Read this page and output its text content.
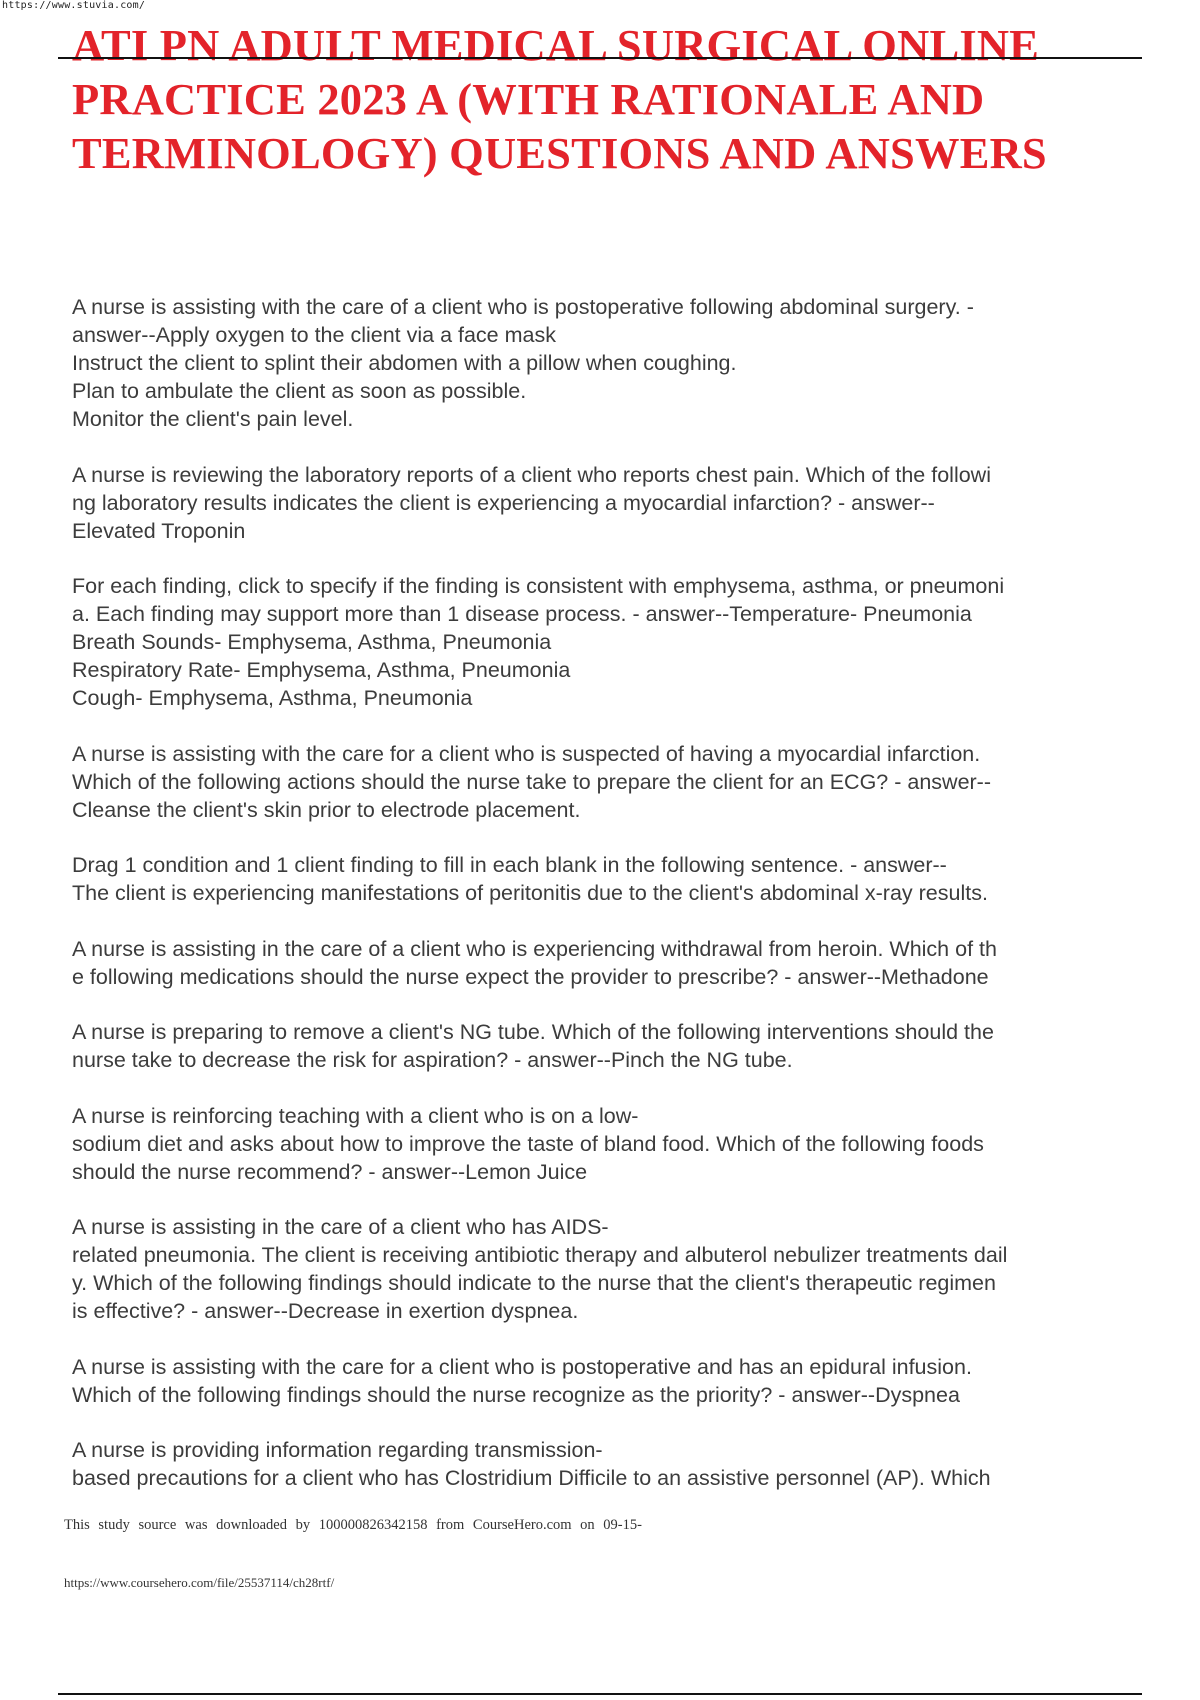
https://www.stuvia.com/
ATI PN ADULT MEDICAL SURGICAL ONLINE
PRACTICE 2023 A (WITH RATIONALE AND
TERMINOLOGY) QUESTIONS AND ANSWERS

A nurse is assisting with the care of a client who is postoperative following abdominal surgery. -
answer--Apply oxygen to the client via a face mask
Instruct the client to splint their abdomen with a pillow when coughing.
Plan to ambulate the client as soon as possible.
Monitor the client's pain level.

A nurse is reviewing the laboratory reports of a client who reports chest pain. Which of the followi
ng laboratory results indicates the client is experiencing a myocardial infarction? - answer--
Elevated Troponin

For each finding, click to specify if the finding is consistent with emphysema, asthma, or pneumoni
a. Each finding may support more than 1 disease process. - answer--Temperature- Pneumonia
Breath Sounds- Emphysema, Asthma, Pneumonia
Respiratory Rate- Emphysema, Asthma, Pneumonia
Cough- Emphysema, Asthma, Pneumonia

A nurse is assisting with the care for a client who is suspected of having a myocardial infarction.
Which of the following actions should the nurse take to prepare the client for an ECG? - answer--
Cleanse the client's skin prior to electrode placement.

Drag 1 condition and 1 client finding to fill in each blank in the following sentence. - answer--
The client is experiencing manifestations of peritonitis due to the client's abdominal x-ray results.

A nurse is assisting in the care of a client who is experiencing withdrawal from heroin. Which of th
e following medications should the nurse expect the provider to prescribe? - answer--Methadone

A nurse is preparing to remove a client's NG tube. Which of the following interventions should the
nurse take to decrease the risk for aspiration? - answer--Pinch the NG tube.

A nurse is reinforcing teaching with a client who is on a low-
sodium diet and asks about how to improve the taste of bland food. Which of the following foods
should the nurse recommend? - answer--Lemon Juice

A nurse is assisting in the care of a client who has AIDS-
related pneumonia. The client is receiving antibiotic therapy and albuterol nebulizer treatments dail
y. Which of the following findings should indicate to the nurse that the client's therapeutic regimen
is effective? - answer--Decrease in exertion dyspnea.

A nurse is assisting with the care for a client who is postoperative and has an epidural infusion.
Which of the following findings should the nurse recognize as the priority? - answer--Dyspnea

A nurse is providing information regarding transmission-
based precautions for a client who has Clostridium Difficile to an assistive personnel (AP). Which

This study source was downloaded by 100000826342158 from CourseHero.com on 09-15-
https://www.coursehero.com/file/25537114/ch28rtf/
